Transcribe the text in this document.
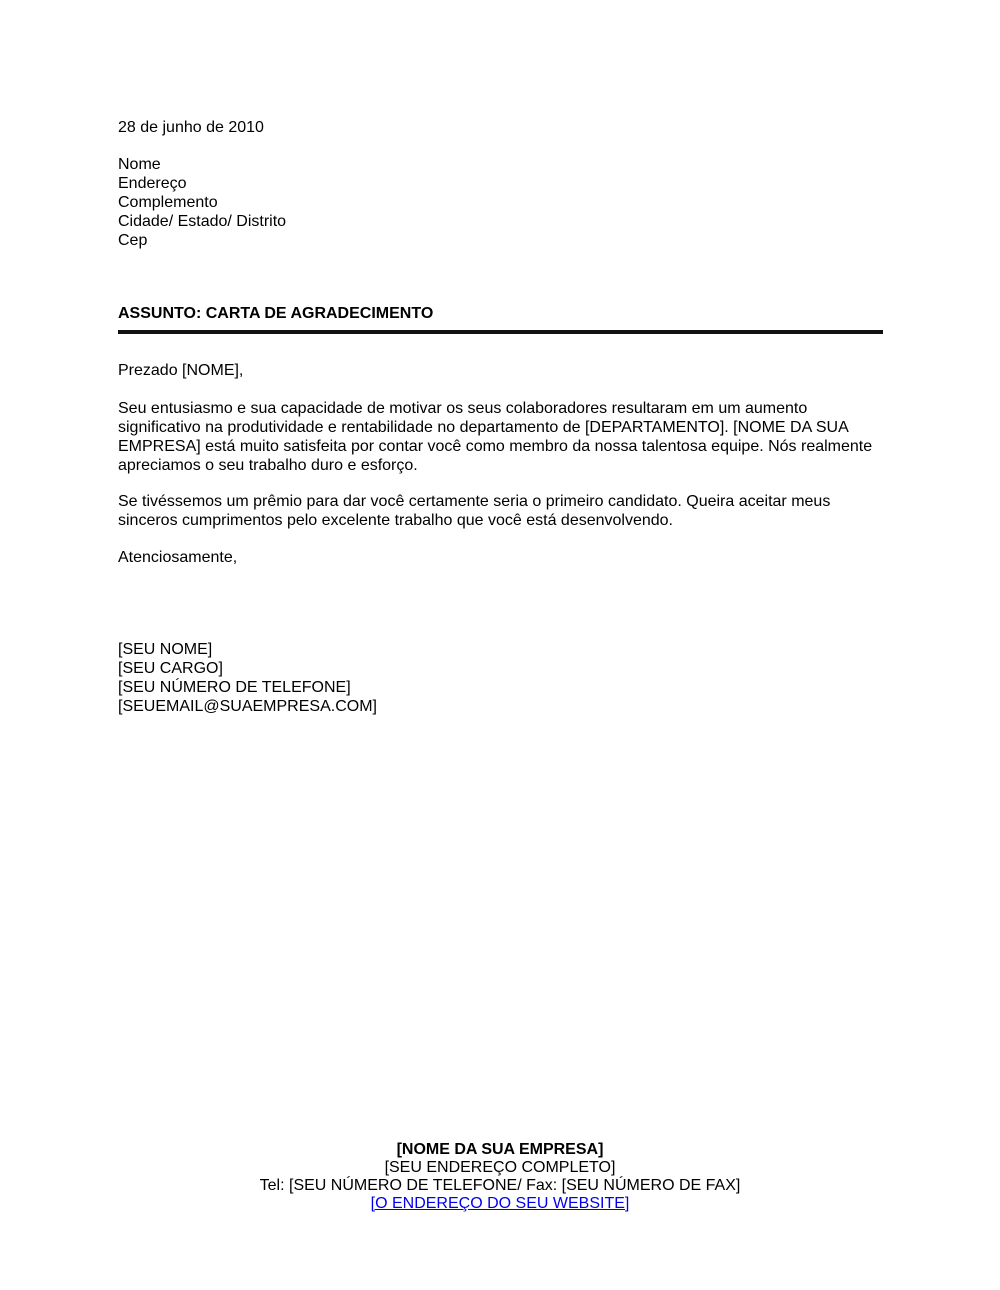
28 de junho de 2010
Nome
Endereço
Complemento
Cidade/ Estado/ Distrito
Cep
ASSUNTO: CARTA DE AGRADECIMENTO
Prezado [NOME],

Seu entusiasmo e sua capacidade de motivar os seus colaboradores resultaram em um aumento significativo na produtividade e rentabilidade no departamento de [DEPARTAMENTO]. [NOME DA SUA EMPRESA] está muito satisfeita por contar você como membro da nossa talentosa equipe. Nós realmente apreciamos o seu trabalho duro e esforço.

Se tivéssemos um prêmio para dar você certamente seria o primeiro candidato. Queira aceitar meus sinceros cumprimentos pelo excelente trabalho que você está desenvolvendo.

Atenciosamente,
[SEU NOME]
[SEU CARGO]
[SEU NÚMERO DE TELEFONE]
[SEUEMAIL@SUAEMPRESA.COM]
[NOME DA SUA EMPRESA]
[SEU ENDEREÇO COMPLETO]
Tel: [SEU NÚMERO DE TELEFONE/ Fax: [SEU NÚMERO DE FAX]
[O ENDEREÇO DO SEU WEBSITE]
